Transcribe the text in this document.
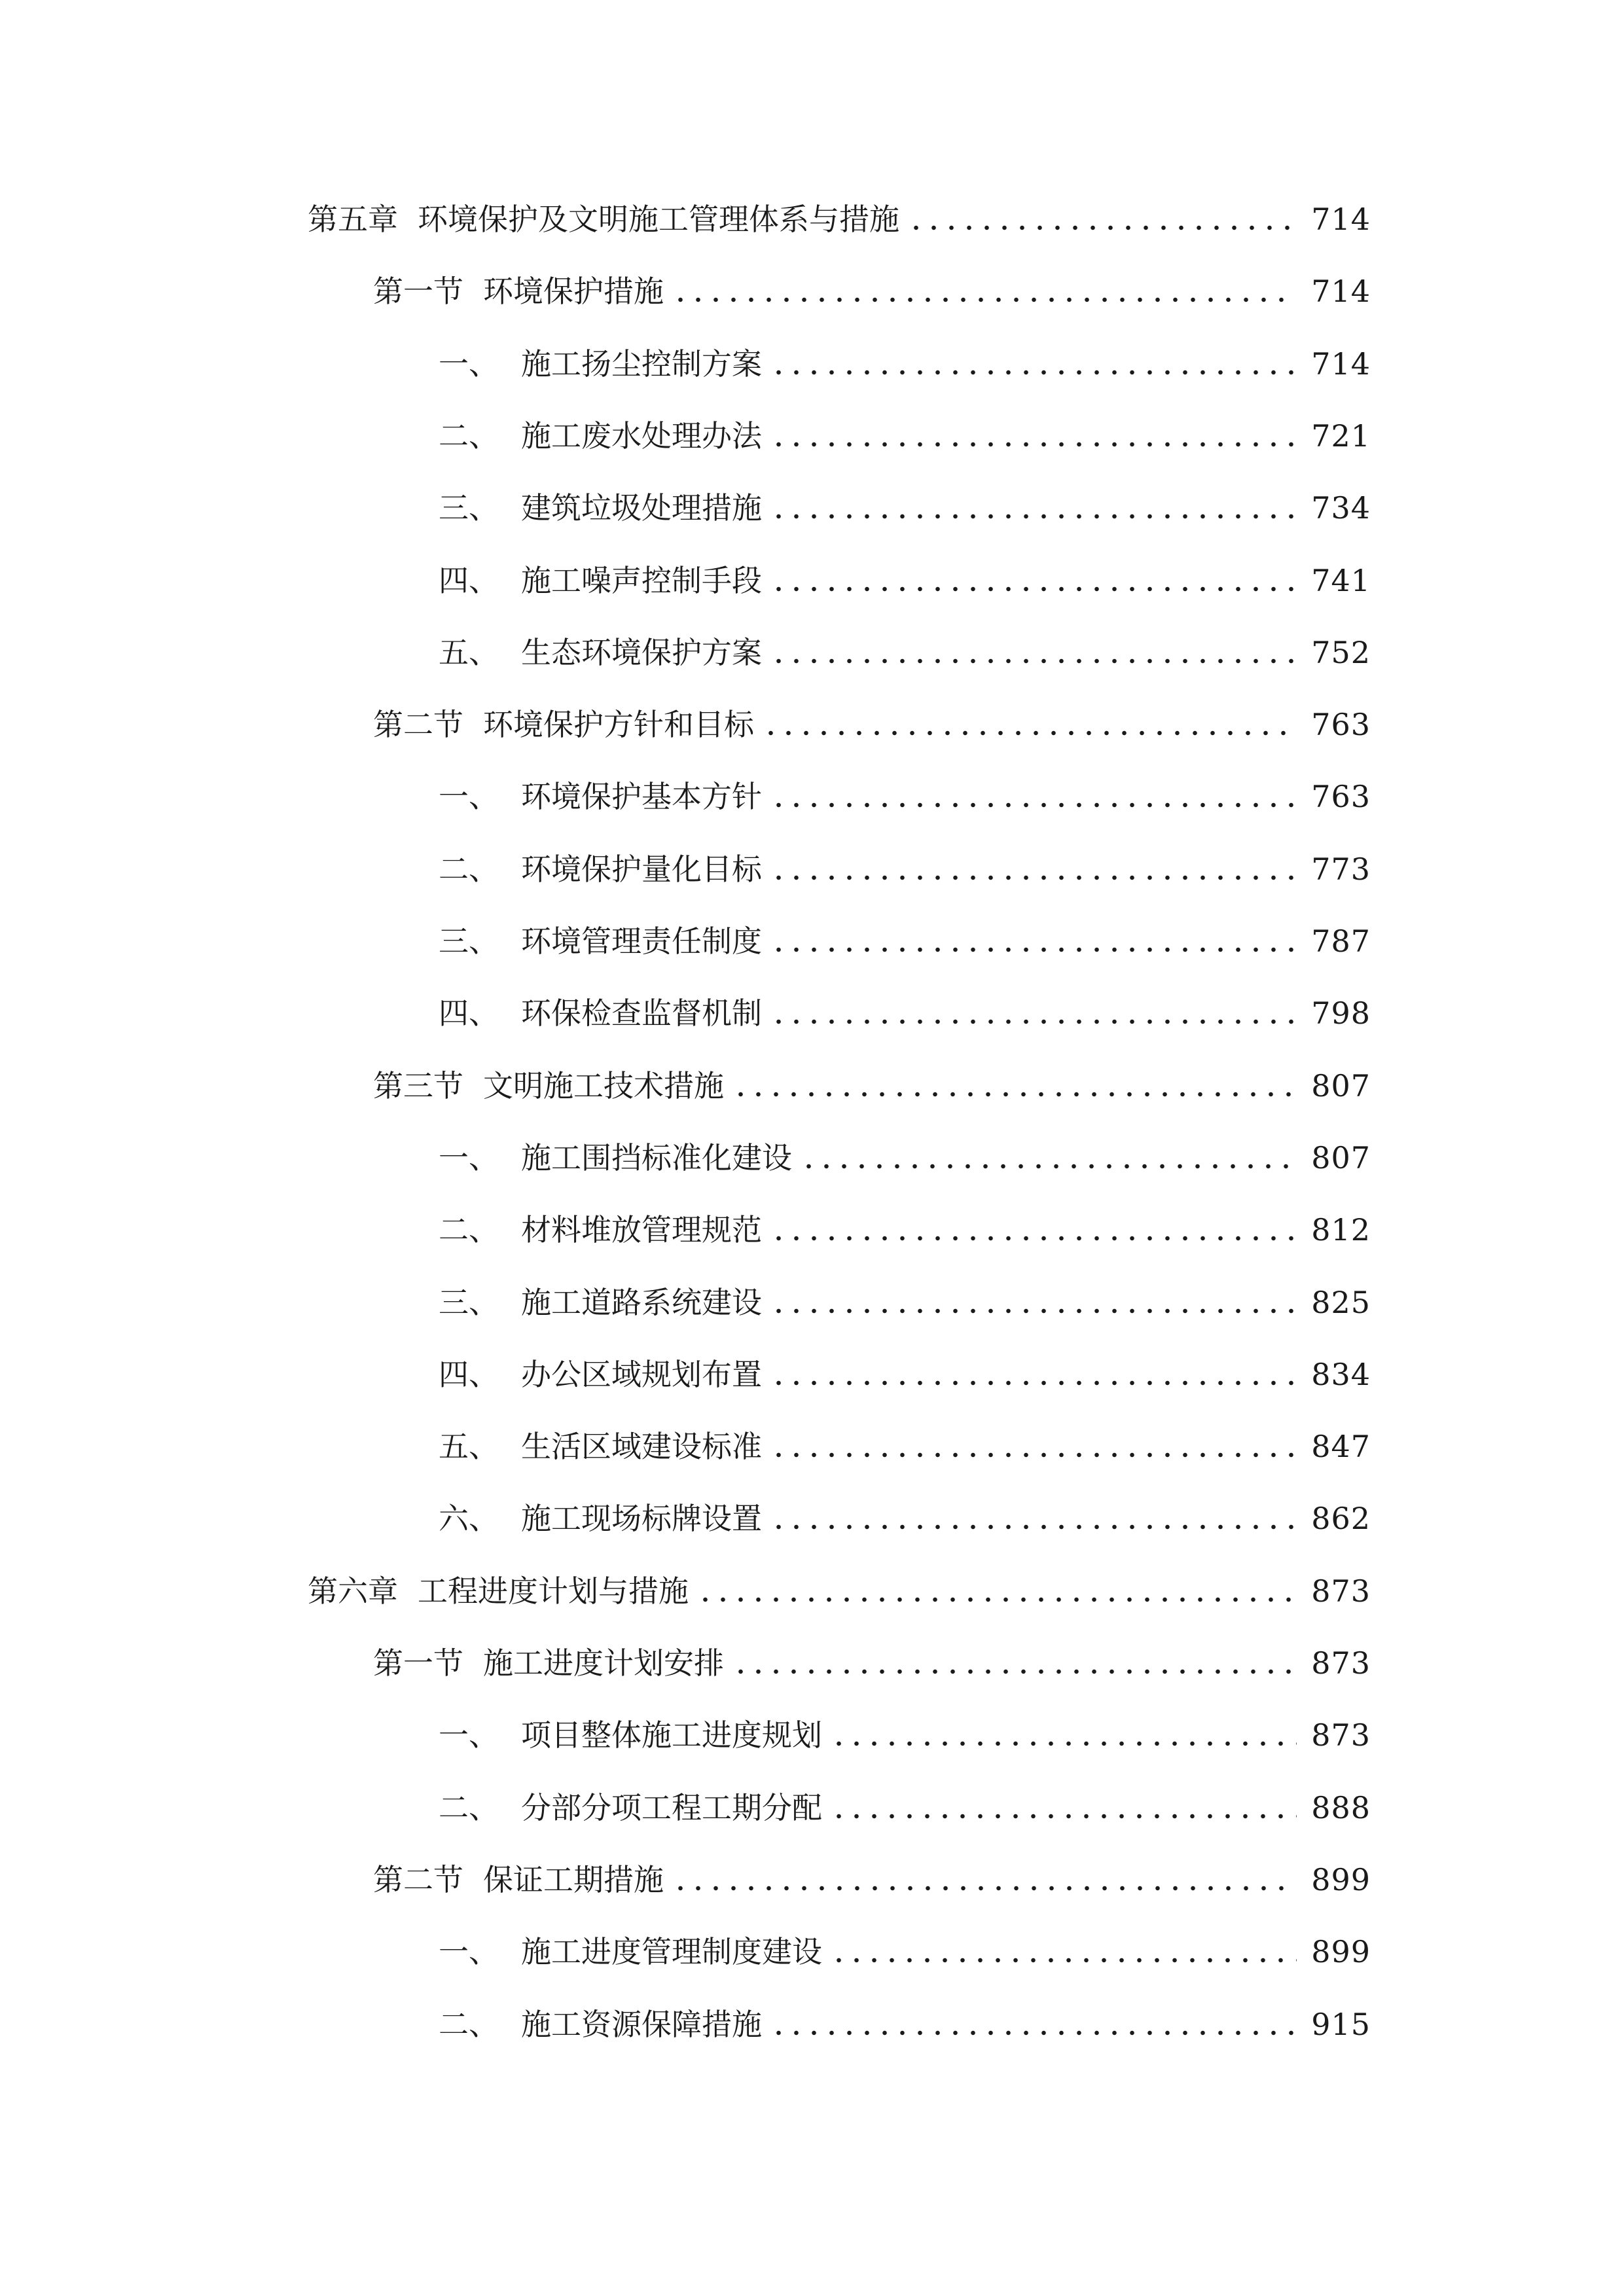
第五章 环境保护及文明施工管理体系与措施	714
第一节 环境保护措施	714
一、 施工扬尘控制方案	714
二、 施工废水处理办法	721
三、 建筑垃圾处理措施	734
四、 施工噪声控制手段	741
五、 生态环境保护方案	752
第二节 环境保护方针和目标	763
一、 环境保护基本方针	763
二、 环境保护量化目标	773
三、 环境管理责任制度	787
四、 环保检查监督机制	798
第三节 文明施工技术措施	807
一、 施工围挡标准化建设	807
二、 材料堆放管理规范	812
三、 施工道路系统建设	825
四、 办公区域规划布置	834
五、 生活区域建设标准	847
六、 施工现场标牌设置	862
第六章 工程进度计划与措施	873
第一节 施工进度计划安排	873
一、 项目整体施工进度规划	873
二、 分部分项工程工期分配	888
第二节 保证工期措施	899
一、 施工进度管理制度建设	899
二、 施工资源保障措施	915
